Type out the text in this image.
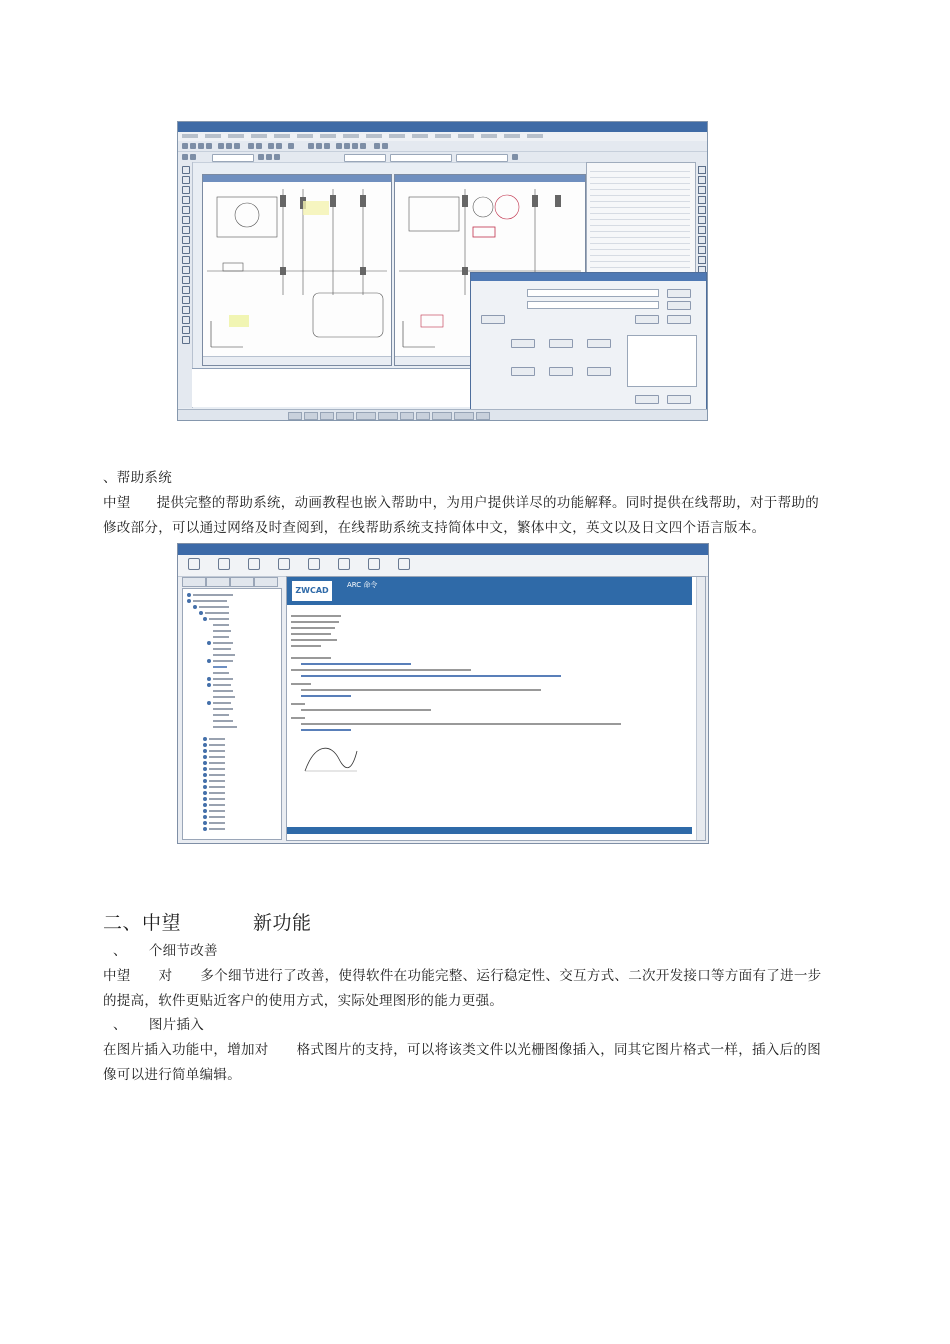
、帮助系统
中望 提供完整的帮助系统，动画教程也嵌入帮助中，为用户提供详尽的功能解释。同时提供在线帮助，对于帮助的
修改部分，可以通过网络及时查阅到，在线帮助系统支持简体中文，繁体中文，英文以及日文四个语言版本。
ZWCAD
ARC 命令
二、中望	新功能
、 个细节改善
中望 对 多个细节进行了改善，使得软件在功能完整、运行稳定性、交互方式、二次开发接口等方面有了进一步
的提高，软件更贴近客户的使用方式，实际处理图形的能力更强。
、 图片插入
在图片插入功能中，增加对 格式图片的支持，可以将该类文件以光栅图像插入，同其它图片格式一样，插入后的图
像可以进行简单编辑。
